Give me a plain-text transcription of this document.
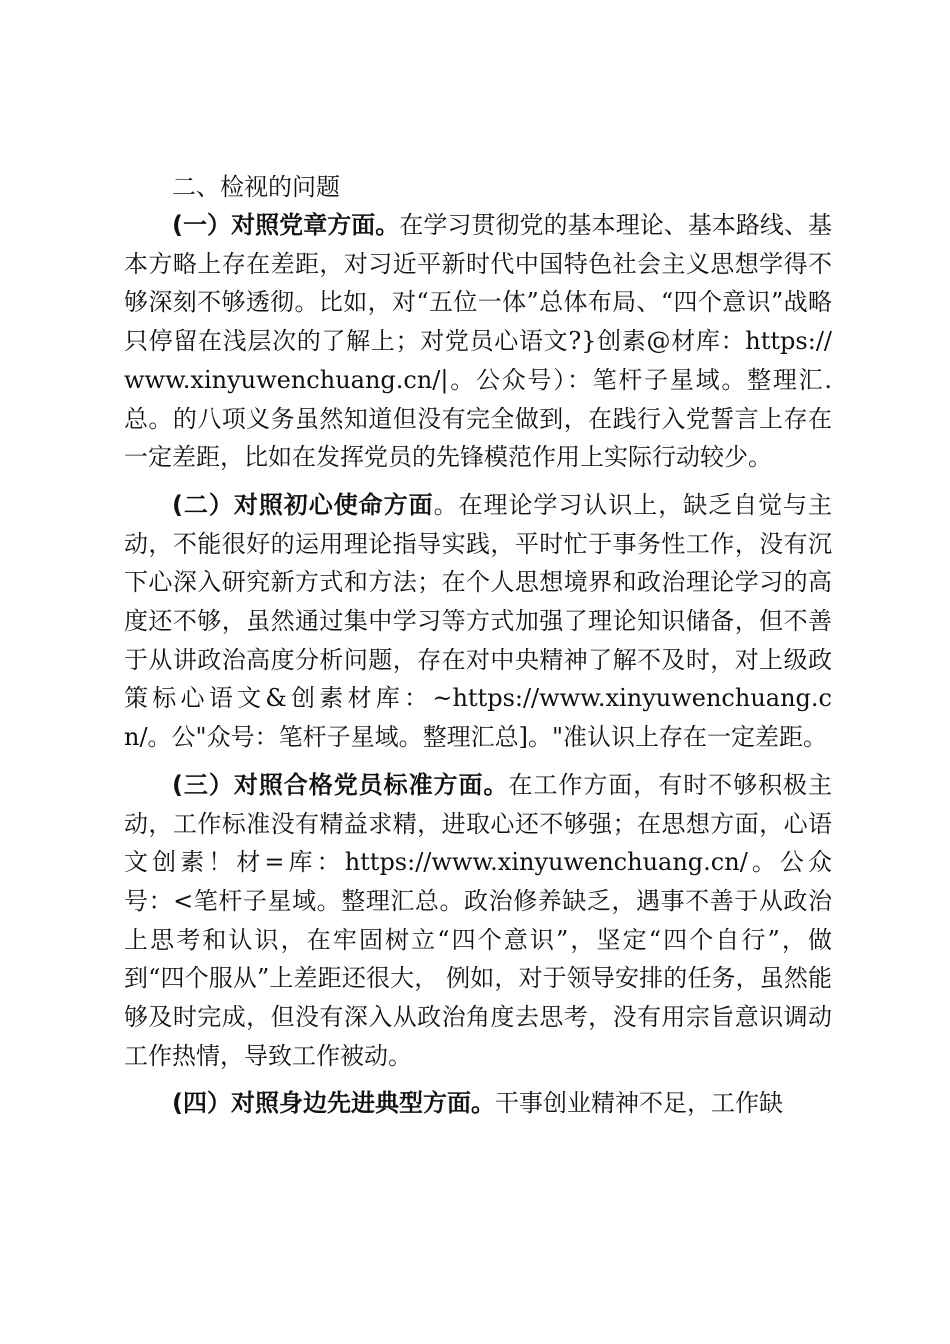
二、检视的问题

(一）对照党章方面。在学习贯彻党的基本理论、基本路线、基本方略上存在差距，对习近平新时代中国特色社会主义思想学得不够深刻不够透彻。比如，对“五位一体”总体布局、“四个意识”战略只停留在浅层次的了解上；对党员心语文?}创素@材库：https://www.xinyuwenchuang.cn/|。公众号）：笔杆子星域。整理汇.总。的八项义务虽然知道但没有完全做到，在践行入党誓言上存在一定差距，比如在发挥党员的先锋模范作用上实际行动较少。

(二）对照初心使命方面。在理论学习认识上，缺乏自觉与主动，不能很好的运用理论指导实践，平时忙于事务性工作，没有沉下心深入研究新方式和方法；在个人思想境界和政治理论学习的高度还不够，虽然通过集中学习等方式加强了理论知识储备，但不善于从讲政治高度分析问题，存在对中央精神了解不及时，对上级政策标心语文&创素材库：~https://www.xinyuwenchuang.cn/。公"众号：笔杆子星域。整理汇总]。"准认识上存在一定差距。

(三）对照合格党员标准方面。在工作方面，有时不够积极主动，工作标准没有精益求精，进取心还不够强；在思想方面，心语文创素！材=库：https://www.xinyuwenchuang.cn/。公众号：<笔杆子星域。整理汇总。政治修养缺乏，遇事不善于从政治上思考和认识，在牢固树立“四个意识”，坚定“四个自行”，做到“四个服从”上差距还很大， 例如，对于领导安排的任务，虽然能够及时完成，但没有深入从政治角度去思考，没有用宗旨意识调动工作热情，导致工作被动。

(四）对照身边先进典型方面。干事创业精神不足，工作缺
